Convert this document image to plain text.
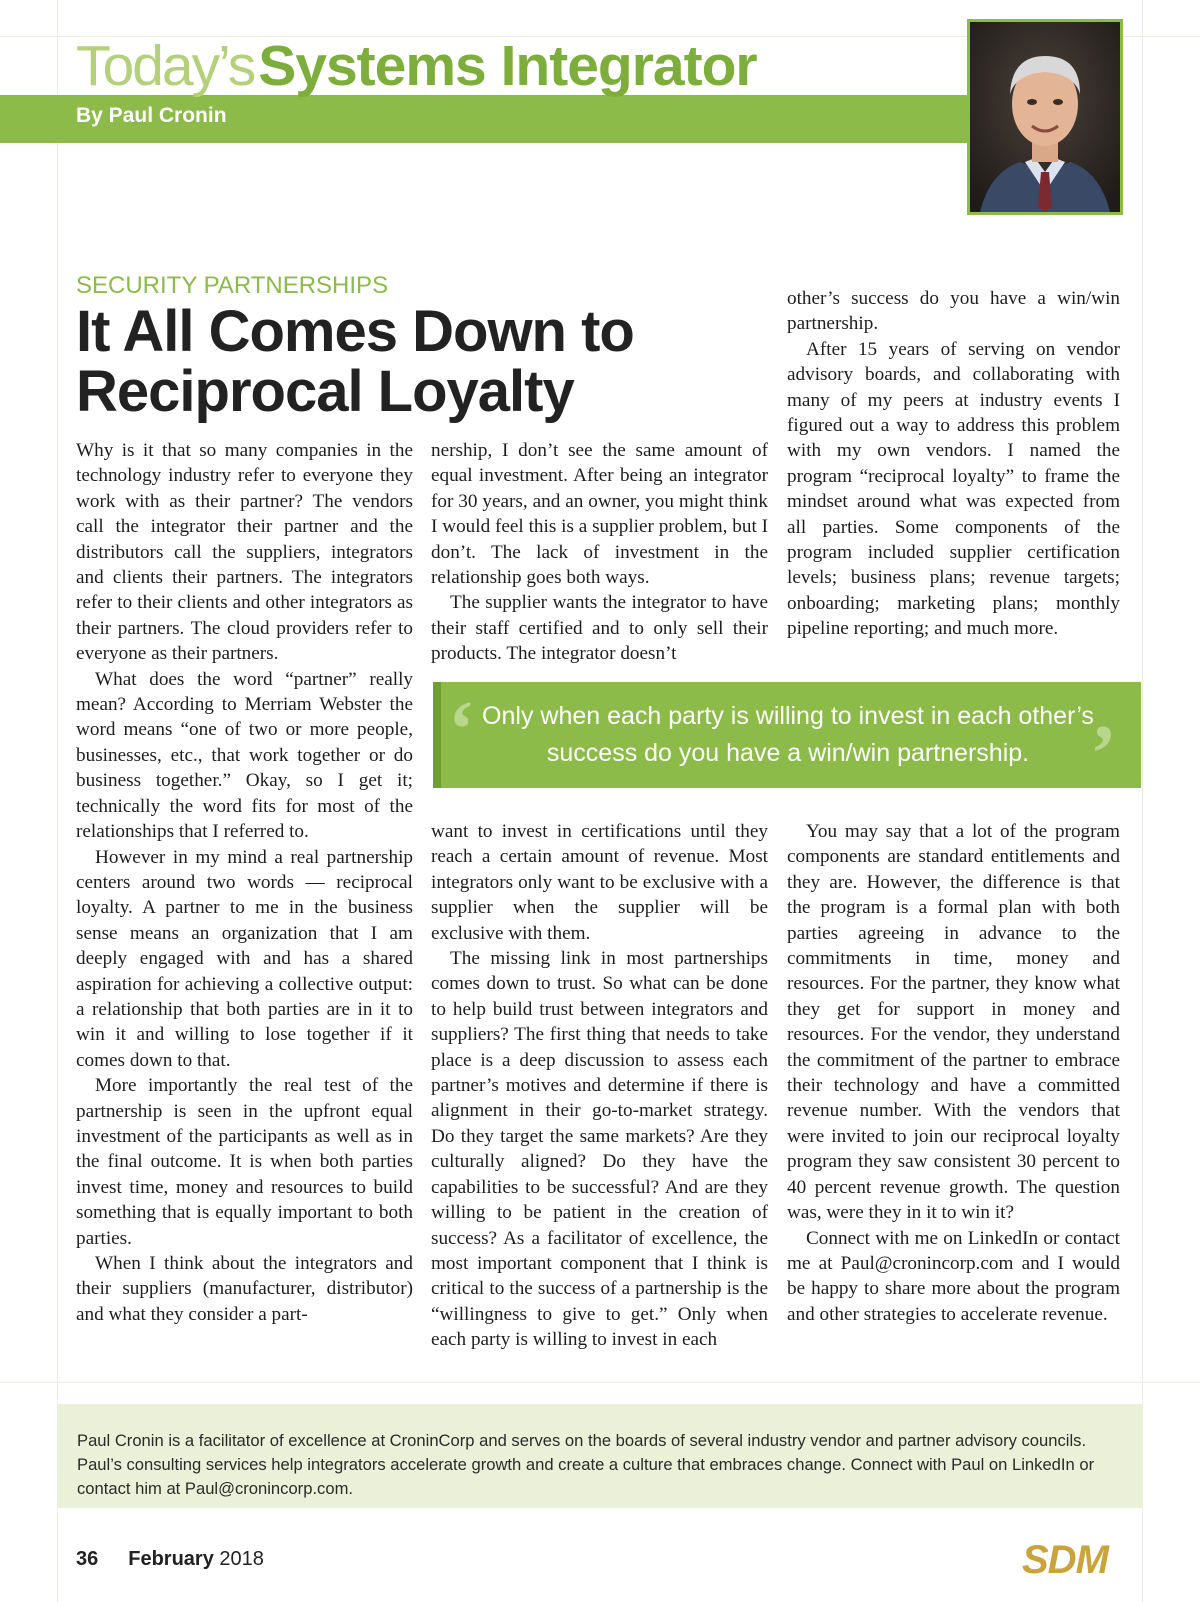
Today’s Systems Integrator
By Paul Cronin
SECURITY PARTNERSHIPS
It All Comes Down to
Reciprocal Loyalty

Why is it that so many companies in the technology industry refer to everyone they work with as their partner? The vendors call the integrator their partner and the distributors call the suppliers, integrators and clients their partners. The integrators refer to their clients and other integrators as their partners. The cloud providers refer to everyone as their partners.

What does the word “partner” really mean? According to Merriam Webster the word means “one of two or more people, businesses, etc., that work together or do business together.” Okay, so I get it; technically the word fits for most of the relationships that I referred to.

However in my mind a real partnership centers around two words — reciprocal loyalty. A partner to me in the business sense means an organization that I am deeply engaged with and has a shared aspiration for achieving a collective output: a relationship that both parties are in it to win it and willing to lose together if it comes down to that.

More importantly the real test of the partnership is seen in the upfront equal investment of the participants as well as in the final outcome. It is when both parties invest time, money and resources to build something that is equally important to both parties.

When I think about the integrators and their suppliers (manufacturer, distributor) and what they consider a part-

nership, I don’t see the same amount of equal investment. After being an integrator for 30 years, and an owner, you might think I would feel this is a supplier problem, but I don’t. The lack of investment in the relationship goes both ways.

The supplier wants the integrator to have their staff certified and to only sell their products. The integrator doesn’t

want to invest in certifications until they reach a certain amount of revenue. Most integrators only want to be exclusive with a supplier when the supplier will be exclusive with them.

The missing link in most partnerships comes down to trust. So what can be done to help build trust between integrators and suppliers? The first thing that needs to take place is a deep discussion to assess each partner’s motives and determine if there is alignment in their go-to-market strategy. Do they target the same markets? Are they culturally aligned? Do they have the capabilities to be successful? And are they willing to be patient in the creation of success? As a facilitator of excellence, the most important component that I think is critical to the success of a partnership is the “willingness to give to get.” Only when each party is willing to invest in each

other’s success do you have a win/win partnership.

After 15 years of serving on vendor advisory boards, and collaborating with many of my peers at industry events I figured out a way to address this problem with my own vendors. I named the program “reciprocal loyalty” to frame the mindset around what was expected from all parties. Some components of the program included supplier certification levels; business plans; revenue targets; onboarding; marketing plans; monthly pipeline reporting; and much more.

You may say that a lot of the program components are standard entitlements and they are. However, the difference is that the program is a formal plan with both parties agreeing in advance to the commitments in time, money and resources. For the partner, they know what they get for support in money and resources. For the vendor, they understand the commitment of the partner to embrace their technology and have a committed revenue number. With the vendors that were invited to join our reciprocal loyalty program they saw consistent 30 percent to 40 percent revenue growth. The question was, were they in it to win it?

Connect with me on LinkedIn or contact me at Paul@cronincorp.com and I would be happy to share more about the program and other strategies to accelerate revenue.

‘ Only when each party is willing to invest in each other’s success do you have a win/win partnership. ’
Paul Cronin is a facilitator of excellence at CroninCorp and serves on the boards of several industry vendor and partner advisory councils. Paul’s consulting services help integrators accelerate growth and create a culture that embraces change. Connect with Paul on LinkedIn or contact him at Paul@cronincorp.com.
36 February 2018	SDM
